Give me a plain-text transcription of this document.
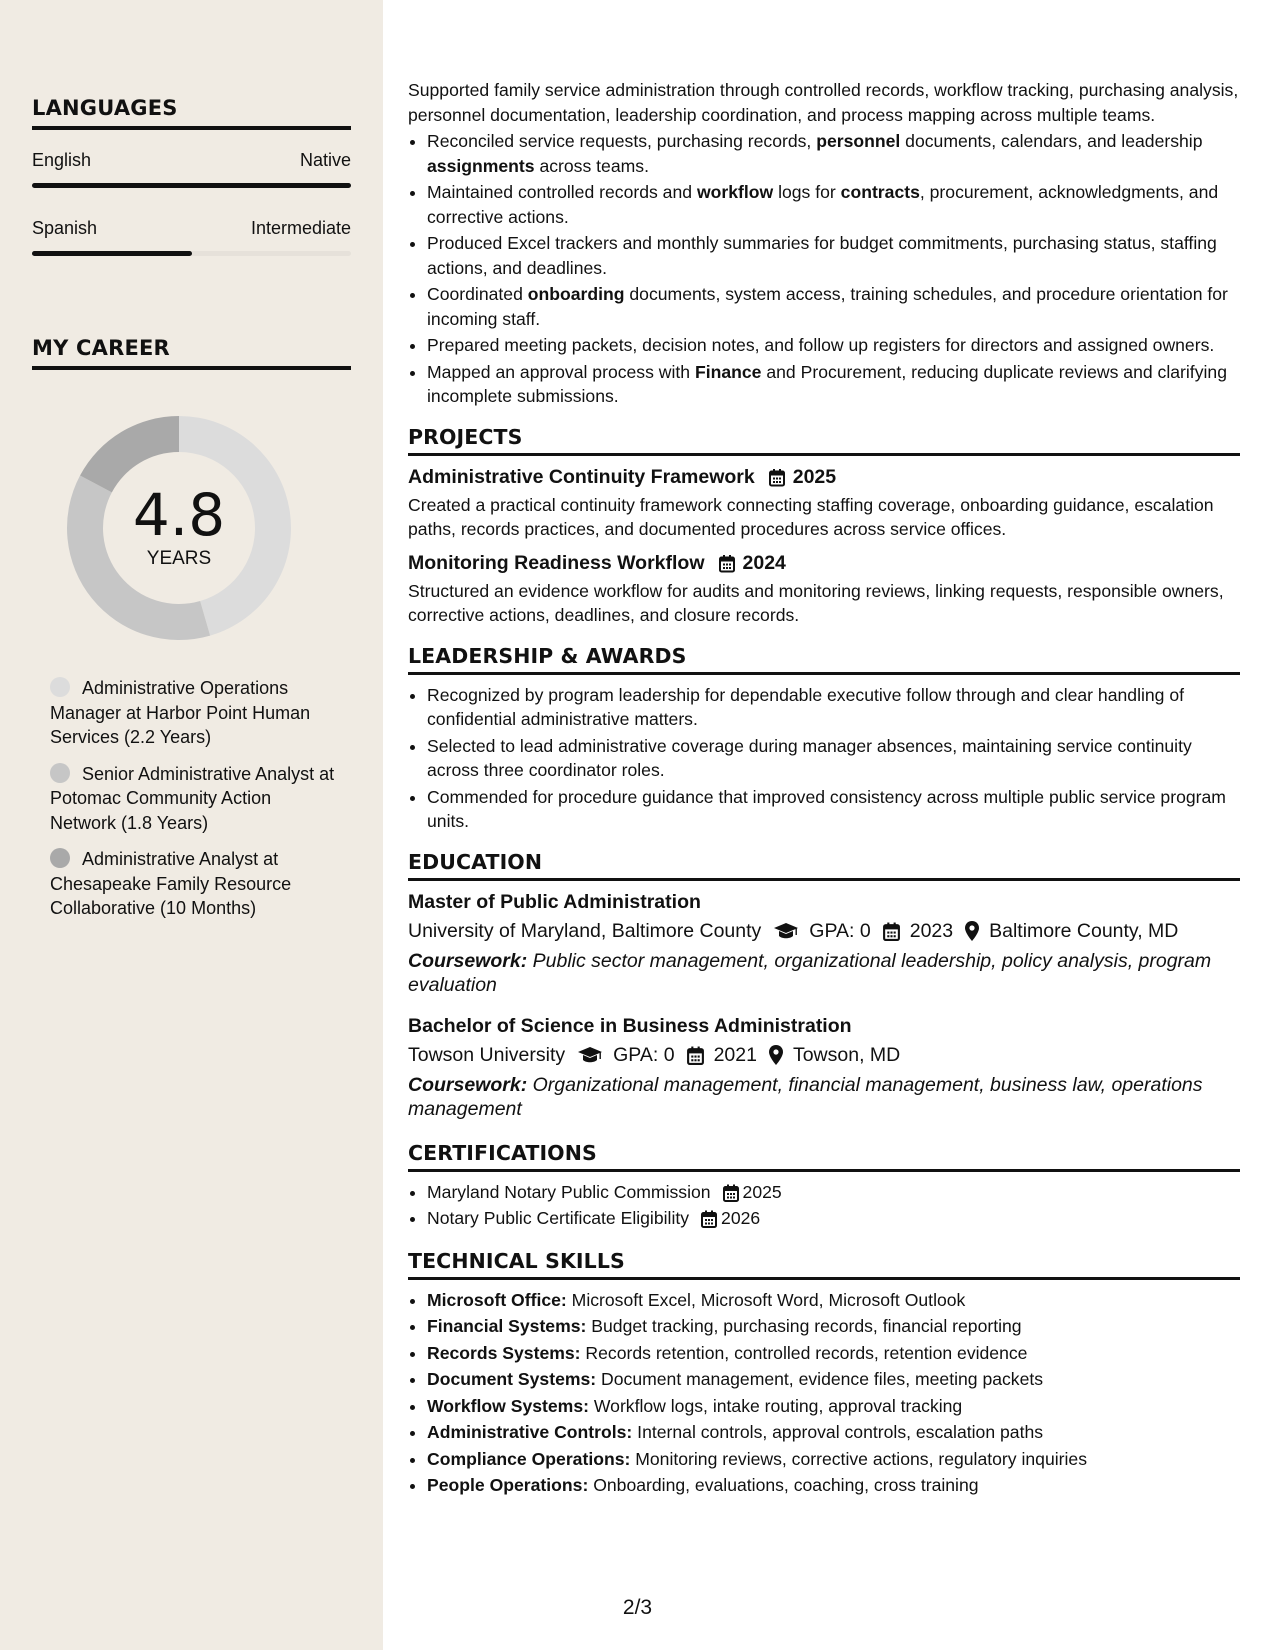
LANGUAGES
English	Native
Spanish	Intermediate
MY CAREER
4.8
YEARS
Administrative Operations Manager at Harbor Point Human Services (2.2 Years)
Senior Administrative Analyst at Potomac Community Action Network (1.8 Years)
Administrative Analyst at Chesapeake Family Resource Collaborative (10 Months)

Supported family service administration through controlled records, workflow tracking, purchasing analysis, personnel documentation, leadership coordination, and process mapping across multiple teams.

• Reconciled service requests, purchasing records, personnel documents, calendars, and leadership assignments across teams.
• Maintained controlled records and workflow logs for contracts, procurement, acknowledgments, and corrective actions.
• Produced Excel trackers and monthly summaries for budget commitments, purchasing status, staffing actions, and deadlines.
• Coordinated onboarding documents, system access, training schedules, and procedure orientation for incoming staff.
• Prepared meeting packets, decision notes, and follow up registers for directors and assigned owners.
• Mapped an approval process with Finance and Procurement, reducing duplicate reviews and clarifying incomplete submissions.
PROJECTS
Administrative Continuity Framework 2025

Created a practical continuity framework connecting staffing coverage, onboarding guidance, escalation paths, records practices, and documented procedures across service offices.

Monitoring Readiness Workflow 2024

Structured an evidence workflow for audits and monitoring reviews, linking requests, responsible owners, corrective actions, deadlines, and closure records.

LEADERSHIP & AWARDS
• Recognized by program leadership for dependable executive follow through and clear handling of confidential administrative matters.
• Selected to lead administrative coverage during manager absences, maintaining service continuity across three coordinator roles.
• Commended for procedure guidance that improved consistency across multiple public service program units.
EDUCATION
Master of Public Administration
University of Maryland, Baltimore County GPA: 0 2023 Baltimore County, MD

Coursework: Public sector management, organizational leadership, policy analysis, program evaluation

Bachelor of Science in Business Administration
Towson University GPA: 0 2021 Towson, MD

Coursework: Organizational management, financial management, business law, operations management

CERTIFICATIONS
• Maryland Notary Public Commission 2025
• Notary Public Certificate Eligibility 2026
TECHNICAL SKILLS
• Microsoft Office: Microsoft Excel, Microsoft Word, Microsoft Outlook
• Financial Systems: Budget tracking, purchasing records, financial reporting
• Records Systems: Records retention, controlled records, retention evidence
• Document Systems: Document management, evidence files, meeting packets
• Workflow Systems: Workflow logs, intake routing, approval tracking
• Administrative Controls: Internal controls, approval controls, escalation paths
• Compliance Operations: Monitoring reviews, corrective actions, regulatory inquiries
• People Operations: Onboarding, evaluations, coaching, cross training
2/3
